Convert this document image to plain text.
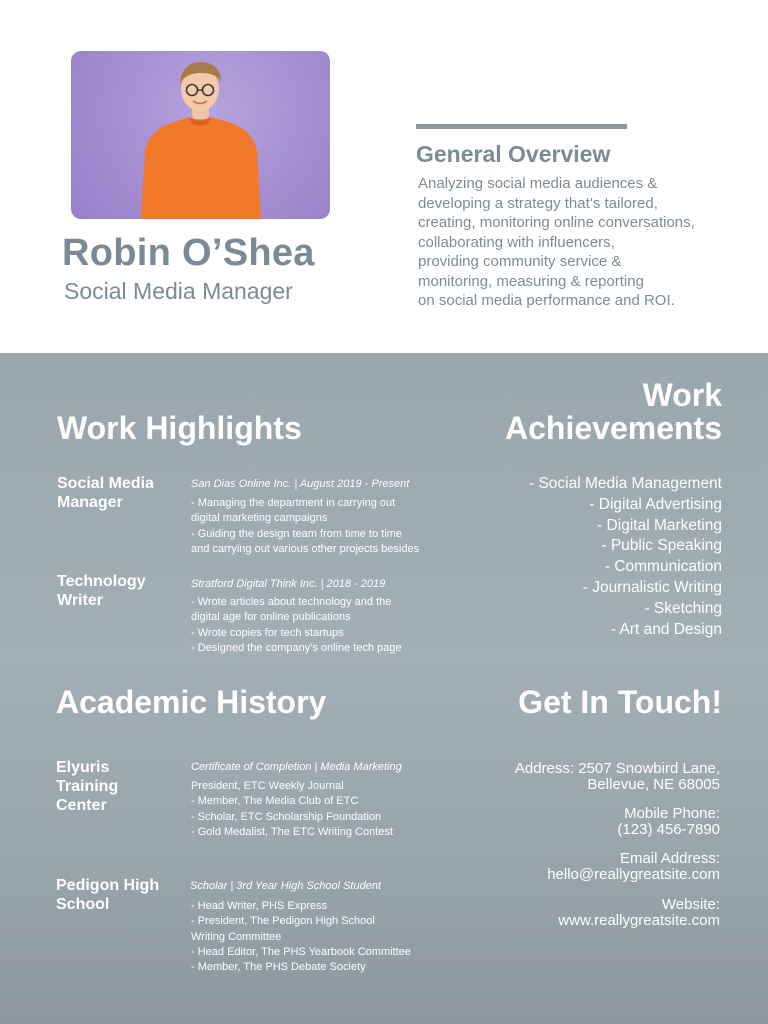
Robin O’Shea
Social Media Manager
General Overview
Analyzing social media audiences &
developing a strategy that’s tailored,
creating, monitoring online conversations,
collaborating with influencers,
providing community service &
monitoring, measuring & reporting
on social media performance and ROI.
Work Highlights
Social Media
Manager
San Dias Online Inc. | August 2019 - Present
- Managing the department in carrying out
digital marketing campaigns
- Guiding the design team from time to time
and carrying out various other projects besides
Technology
Writer
Stratford Digital Think Inc. | 2018 - 2019
- Wrote articles about technology and the
digital age for online publications
- Wrote copies for tech startups
- Designed the company's online tech page
Work
Achievements
- Social Media Management
- Digital Advertising
- Digital Marketing
- Public Speaking
- Communication
- Journalistic Writing
- Sketching
- Art and Design
Academic History
Elyuris
Training
Center
Certificate of Completion | Media Marketing
President, ETC Weekly Journal
- Member, The Media Club of ETC
- Scholar, ETC Scholarship Foundation
- Gold Medalist, The ETC Writing Contest
Pedigon High
School
Scholar | 3rd Year High School Student
- Head Writer, PHS Express
- President, The Pedigon High School
Writing Committee
- Head Editor, The PHS Yearbook Committee
- Member, The PHS Debate Society
Get In Touch!
Address: 2507 Snowbird Lane,
Bellevue, NE 68005
Mobile Phone:
(123) 456-7890
Email Address:
hello@reallygreatsite.com
Website:
www.reallygreatsite.com
